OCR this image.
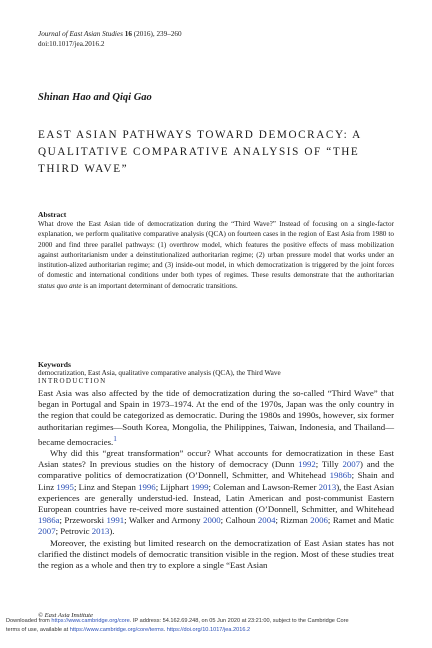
Journal of East Asian Studies 16 (2016), 239–260
doi:10.1017/jea.2016.2
Shinan Hao and Qiqi Gao
EAST ASIAN PATHWAYS TOWARD DEMOCRACY: A QUALITATIVE COMPARATIVE ANALYSIS OF “THE THIRD WAVE”
Abstract
What drove the East Asian tide of democratization during the “Third Wave?” Instead of focusing on a single-factor explanation, we perform qualitative comparative analysis (QCA) on fourteen cases in the region of East Asia from 1980 to 2000 and find three parallel pathways: (1) overthrow model, which features the positive effects of mass mobilization against authoritarianism under a deinstitutionalized authoritarian regime; (2) urban pressure model that works under an institution-alized authoritarian regime; and (3) inside-out model, in which democratization is triggered by the joint forces of domestic and international conditions under both types of regimes. These results demonstrate that the authoritarian status quo ante is an important determinant of democratic transitions.
Keywords
democratization, East Asia, qualitative comparative analysis (QCA), the Third Wave
INTRODUCTION

East Asia was also affected by the tide of democratization during the so-called “Third Wave” that began in Portugal and Spain in 1973–1974. At the end of the 1970s, Japan was the only country in the region that could be categorized as democratic. During the 1980s and 1990s, however, six former authoritarian regimes—South Korea, Mongolia, the Philippines, Taiwan, Indonesia, and Thailand—became democracies.$^1$

Why did this “great transformation” occur? What accounts for democratization in these East Asian states? In previous studies on the history of democracy (Dunn 1992; Tilly 2007) and the comparative politics of democratization (O’Donnell, Schmitter, and Whitehead 1986b; Shain and Linz 1995; Linz and Stepan 1996; Lijphart 1999; Coleman and Lawson-Remer 2013), the East Asian experiences are generally understud-ied. Instead, Latin American and post-communist Eastern European countries have re-ceived more sustained attention (O’Donnell, Schmitter, and Whitehead 1986a; Przeworski 1991; Walker and Armony 2000; Calhoun 2004; Rizman 2006; Ramet and Matic 2007; Petrovic 2013).

Moreover, the existing but limited research on the democratization of East Asian states has not clarified the distinct models of democratic transition visible in the region. Most of these studies treat the region as a whole and then try to explore a single “East Asian

© East Asia Institute
Downloaded from https://www.cambridge.org/core. IP address: 54.162.69.248, on 05 Jun 2020 at 23:21:00, subject to the Cambridge Core
terms of use, available at https://www.cambridge.org/core/terms. https://doi.org/10.1017/jea.2016.2
